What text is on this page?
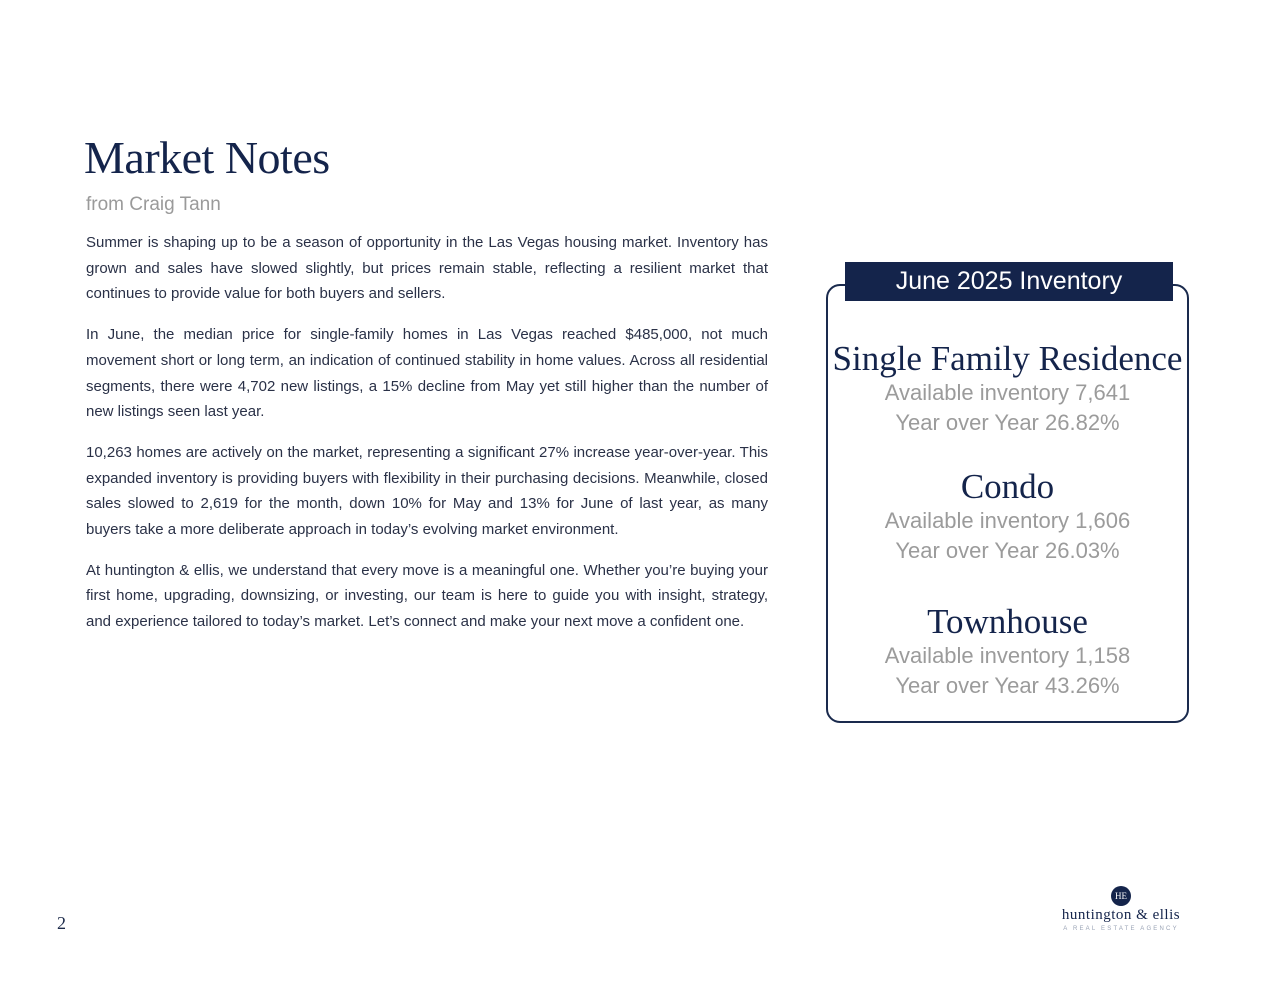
Market Notes
from Craig Tann

Summer is shaping up to be a season of opportunity in the Las Vegas housing market. Inventory has grown and sales have slowed slightly, but prices remain stable, reflecting a resilient market that continues to provide value for both buyers and sellers.

In June, the median price for single-family homes in Las Vegas reached $485,000, not much movement short or long term, an indication of continued stability in home values. Across all residential segments, there were 4,702 new listings, a 15% decline from May yet still higher than the number of new listings seen last year.

10,263 homes are actively on the market, representing a significant 27% increase year-over-year. This expanded inventory is providing buyers with flexibility in their purchasing decisions. Meanwhile, closed sales slowed to 2,619 for the month, down 10% for May and 13% for June of last year, as many buyers take a more deliberate approach in today’s evolving market environment.

At huntington & ellis, we understand that every move is a meaningful one. Whether you’re buying your first home, upgrading, downsizing, or investing, our team is here to guide you with insight, strategy, and experience tailored to today’s market. Let’s connect and make your next move a confident one.

June 2025 Inventory
Single Family Residence
Available inventory 7,641
Year over Year 26.82%
Condo
Available inventory 1,606
Year over Year 26.03%
Townhouse
Available inventory 1,158
Year over Year 43.26%
2
HE
huntington & ellis
A REAL ESTATE AGENCY
